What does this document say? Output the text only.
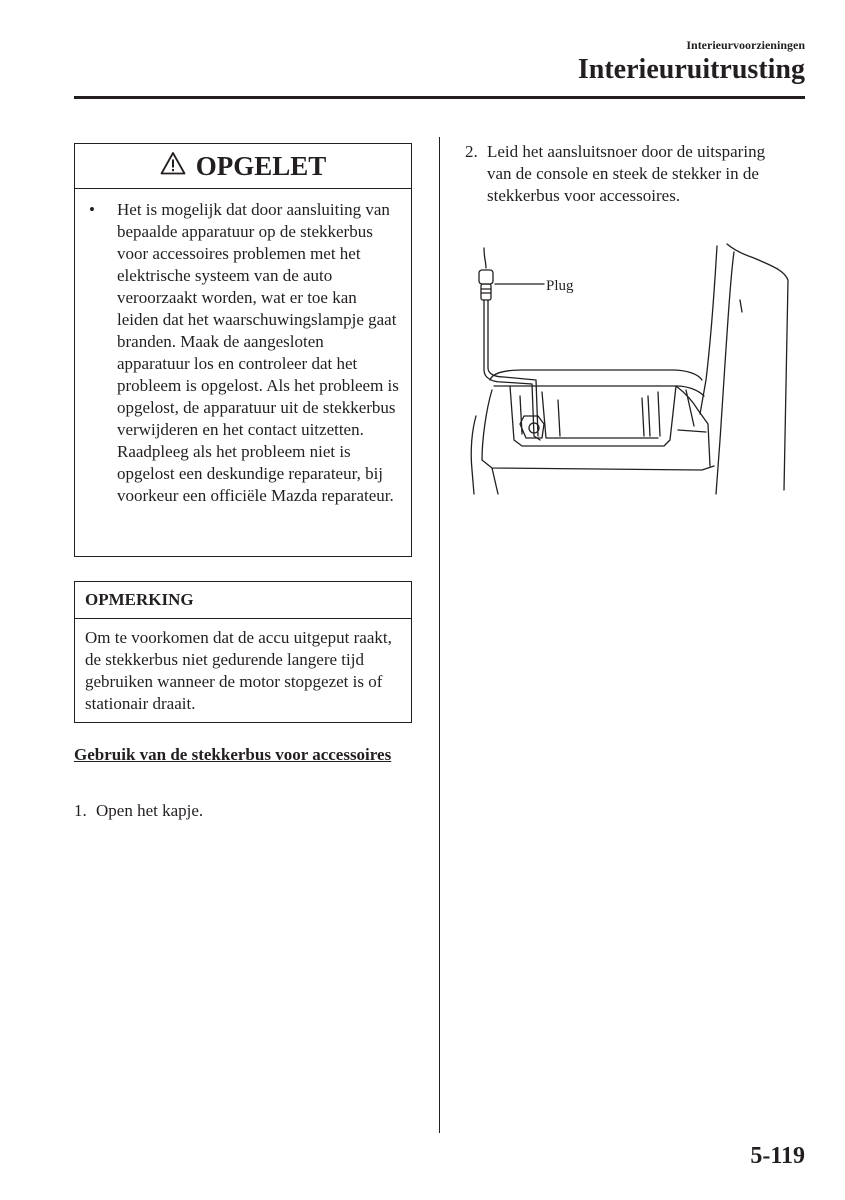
Interieurvoorzieningen
Interieuruitrusting
OPGELET
•	Het is mogelijk dat door aansluiting van bepaalde apparatuur op de stekkerbus voor accessoires problemen met het elektrische systeem van de auto veroorzaakt worden, wat er toe kan leiden dat het waarschuwingslampje gaat branden. Maak de aangesloten apparatuur los en controleer dat het probleem is opgelost. Als het probleem is opgelost, de apparatuur uit de stekkerbus verwijderen en het contact uitzetten. Raadpleeg als het probleem niet is opgelost een deskundige reparateur, bij voorkeur een officiële Mazda reparateur.
OPMERKING
Om te voorkomen dat de accu uitgeput raakt, de stekkerbus niet gedurende langere tijd gebruiken wanneer de motor stopgezet is of stationair draait.
Gebruik van de stekkerbus voor accessoires
1. Open het kapje.
2. Leid het aansluitsnoer door de uitsparing van de console en steek de stekker in de stekkerbus voor accessoires.
Plug
5-119
